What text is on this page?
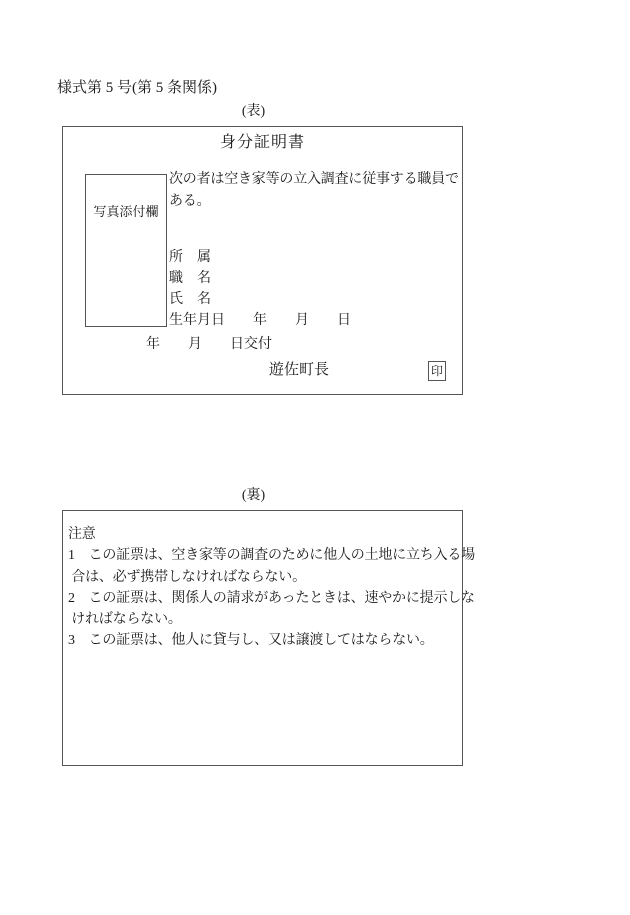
様式第 5 号(第 5 条関係)
(表)
身分証明書
写真添付欄
次の者は空き家等の立入調査に従事する職員で
ある。
所　属
職　名
氏　名
生年月日　　年　　月　　日
年　　月　　日交付
遊佐町長	印
(裏)
注意
1　この証票は、空き家等の調査のために他人の土地に立ち入る場
合は、必ず携帯しなければならない。
2　この証票は、関係人の請求があったときは、速やかに提示しな
ければならない。
3　この証票は、他人に貸与し、又は譲渡してはならない。
